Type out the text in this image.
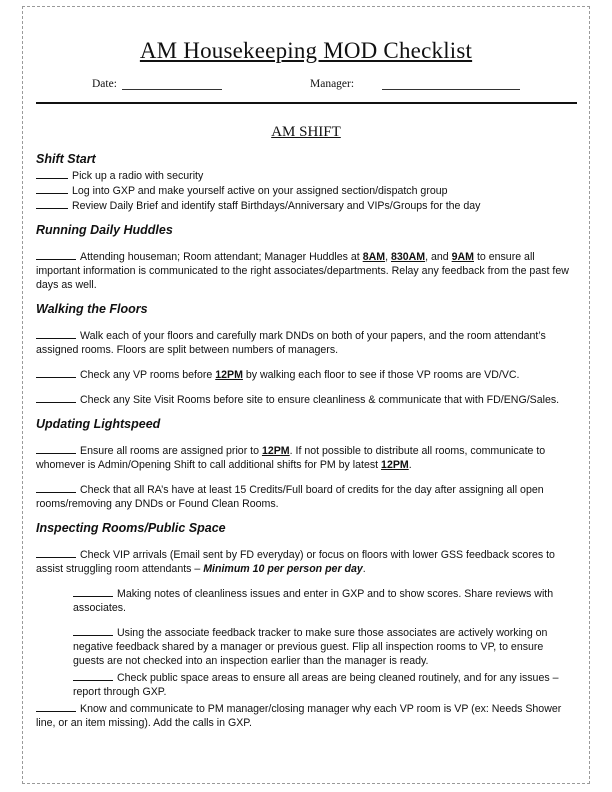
AM Housekeeping MOD Checklist
Date:	Manager:
AM SHIFT

Shift Start

Pick up a radio with security

Log into GXP and make yourself active on your assigned section/dispatch group

Review Daily Brief and identify staff Birthdays/Anniversary and VIPs/Groups for the day

Running Daily Huddles

Attending houseman; Room attendant; Manager Huddles at 8AM, 830AM, and 9AM to ensure all important information is communicated to the right associates/departments. Relay any feedback from the past few days as well.

Walking the Floors

Walk each of your floors and carefully mark DNDs on both of your papers, and the room attendant’s assigned rooms. Floors are split between numbers of managers.

Check any VP rooms before 12PM by walking each floor to see if those VP rooms are VD/VC.

Check any Site Visit Rooms before site to ensure cleanliness & communicate that with FD/ENG/Sales.

Updating Lightspeed

Ensure all rooms are assigned prior to 12PM. If not possible to distribute all rooms, communicate to whomever is Admin/Opening Shift to call additional shifts for PM by latest 12PM.

Check that all RA’s have at least 15 Credits/Full board of credits for the day after assigning all open rooms/removing any DNDs or Found Clean Rooms.

Inspecting Rooms/Public Space

Check VIP arrivals (Email sent by FD everyday) or focus on floors with lower GSS feedback scores to assist struggling room attendants – Minimum 10 per person per day.

Making notes of cleanliness issues and enter in GXP and to show scores. Share reviews with associates.

Using the associate feedback tracker to make sure those associates are actively working on negative feedback shared by a manager or previous guest. Flip all inspection rooms to VP, to ensure guests are not checked into an inspection earlier than the manager is ready.

Check public space areas to ensure all areas are being cleaned routinely, and for any issues – report through GXP.

Know and communicate to PM manager/closing manager why each VP room is VP (ex: Needs Shower line, or an item missing). Add the calls in GXP.
